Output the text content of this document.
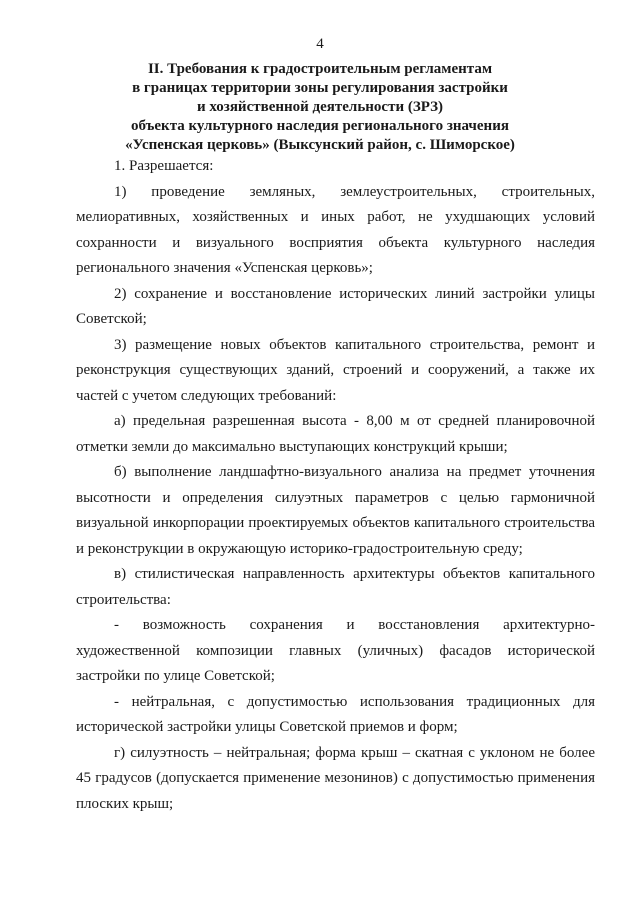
4
II. Требования к градостроительным регламентам
в границах территории зоны регулирования застройки
и хозяйственной деятельности (ЗРЗ)
объекта культурного наследия регионального значения
«Успенская церковь» (Выксунский район, с. Шиморское)

1. Разрешается:

1) проведение земляных, землеустроительных, строительных, мелиоративных, хозяйственных и иных работ, не ухудшающих условий сохранности и визуального восприятия объекта культурного наследия регионального значения «Успенская церковь»;

2) сохранение и восстановление исторических линий застройки улицы Советской;

3) размещение новых объектов капитального строительства, ремонт и реконструкция существующих зданий, строений и сооружений, а также их частей с учетом следующих требований:

а) предельная разрешенная высота - 8,00 м от средней планировочной отметки земли до максимально выступающих конструкций крыши;

б) выполнение ландшафтно-визуального анализа на предмет уточнения высотности и определения силуэтных параметров с целью гармоничной визуальной инкорпорации проектируемых объектов капитального строительства и реконструкции в окружающую историко-градостроительную среду;

в) стилистическая направленность архитектуры объектов капитального строительства:

- возможность сохранения и восстановления архитектурно-художественной композиции главных (уличных) фасадов исторической застройки по улице Советской;

- нейтральная, с допустимостью использования традиционных для исторической застройки улицы Советской приемов и форм;

г) силуэтность – нейтральная; форма крыш – скатная с уклоном не более 45 градусов (допускается применение мезонинов) с допустимостью применения плоских крыш;
